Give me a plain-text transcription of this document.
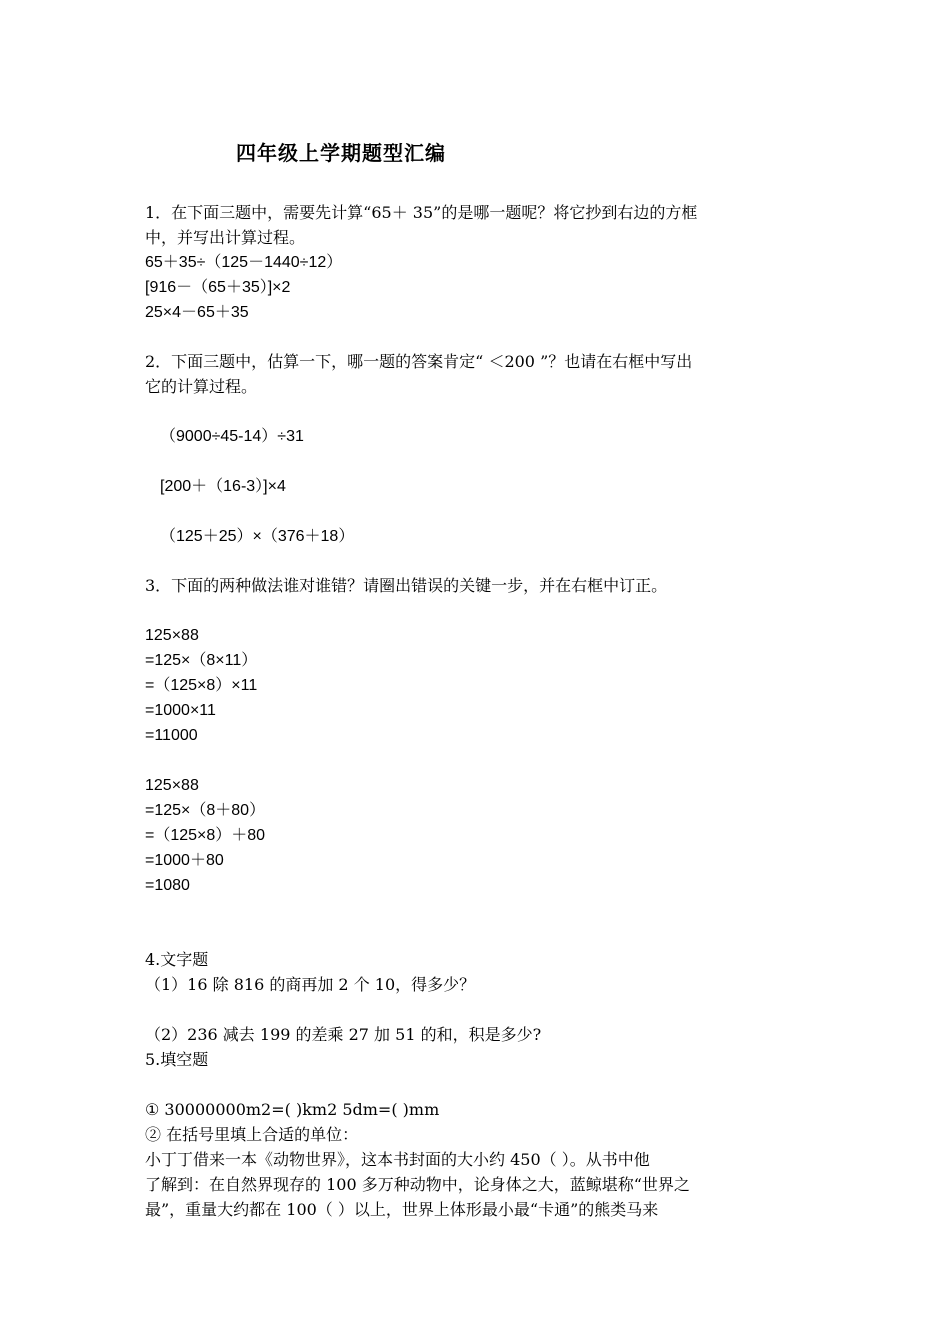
四年级上学期题型汇编
1．在下面三题中，需要先计算“65＋ 35”的是哪一题呢？将它抄到右边的方框
中，并写出计算过程。
65＋35÷（125－1440÷12）
[916－（65＋35）]×2
25×4－65＋35
2．下面三题中，估算一下，哪一题的答案肯定“ ＜200 ”？也请在右框中写出
它的计算过程。
（9000÷45-14）÷31
[200＋（16-3）]×4
（125＋25）×（376＋18）
3．下面的两种做法谁对谁错？请圈出错误的关键一步，并在右框中订正。
125×88
=125×（8×11）
=（125×8）×11
=1000×11
=11000
125×88
=125×（8＋80）
=（125×8）＋80
=1000＋80
=1080
4.文字题
（1）16 除 816 的商再加 2 个 10，得多少？
（2）236 减去 199 的差乘 27 加 51 的和，积是多少?
5.填空题
① 30000000m2=( )km2 5dm=( )mm
② 在括号里填上合适的单位：
小丁丁借来一本《动物世界》，这本书封面的大小约 450（ ）。从书中他
了解到：在自然界现存的 100 多万种动物中，论身体之大，蓝鲸堪称“世界之
最”，重量大约都在 100（ ）以上，世界上体形最小最“卡通”的熊类马来
